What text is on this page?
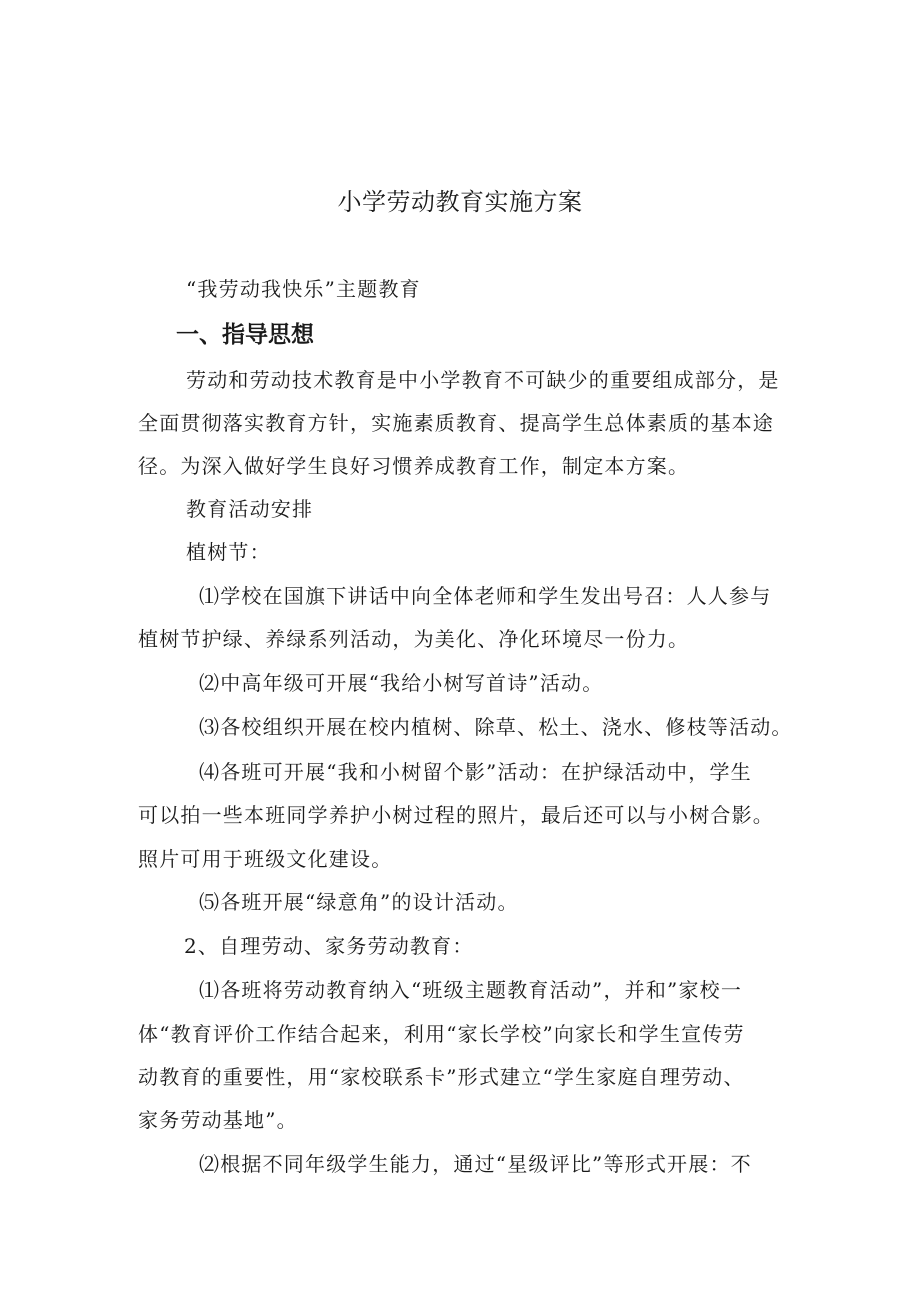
小学劳动教育实施方案
“我劳动我快乐”主题教育
一、指导思想
劳动和劳动技术教育是中小学教育不可缺少的重要组成部分，是
全面贯彻落实教育方针，实施素质教育、提高学生总体素质的基本途
径。为深入做好学生良好习惯养成教育工作，制定本方案。
教育活动安排
植树节：
⑴学校在国旗下讲话中向全体老师和学生发出号召：人人参与
植树节护绿、养绿系列活动，为美化、净化环境尽一份力。
⑵中高年级可开展“我给小树写首诗”活动。
⑶各校组织开展在校内植树、除草、松土、浇水、修枝等活动。
⑷各班可开展“我和小树留个影”活动：在护绿活动中，学生
可以拍一些本班同学养护小树过程的照片，最后还可以与小树合影。
照片可用于班级文化建设。
⑸各班开展“绿意角”的设计活动。
2、自理劳动、家务劳动教育：
⑴各班将劳动教育纳入“班级主题教育活动”，并和”家校一
体“教育评价工作结合起来，利用“家长学校”向家长和学生宣传劳
动教育的重要性，用“家校联系卡”形式建立“学生家庭自理劳动、
家务劳动基地”。
⑵根据不同年级学生能力，通过“星级评比”等形式开展：不
